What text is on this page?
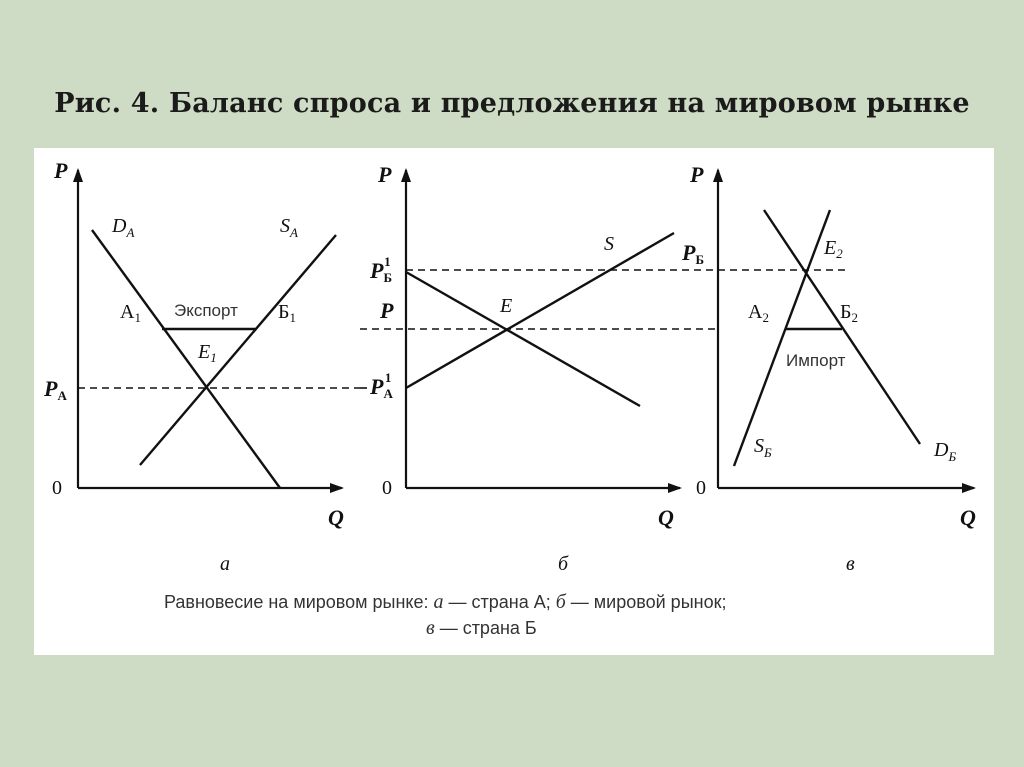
Рис. 4. Баланс спроса и предложения на мировом рынке
P
Q
0
$D_А$	$S_А$
$А_1$ Экспорт $Б_1$
$E_1$
PА
а
P
Q
0
S
E
P
PБ1
PА1
б
P
Q
0
PБ
$E_2$
$А_2$	$Б_2$
Импорт
$S_Б$	$D_Б$
в
Равновесие на мировом рынке: а — страна А; б — мировой рынок;
в — страна Б
